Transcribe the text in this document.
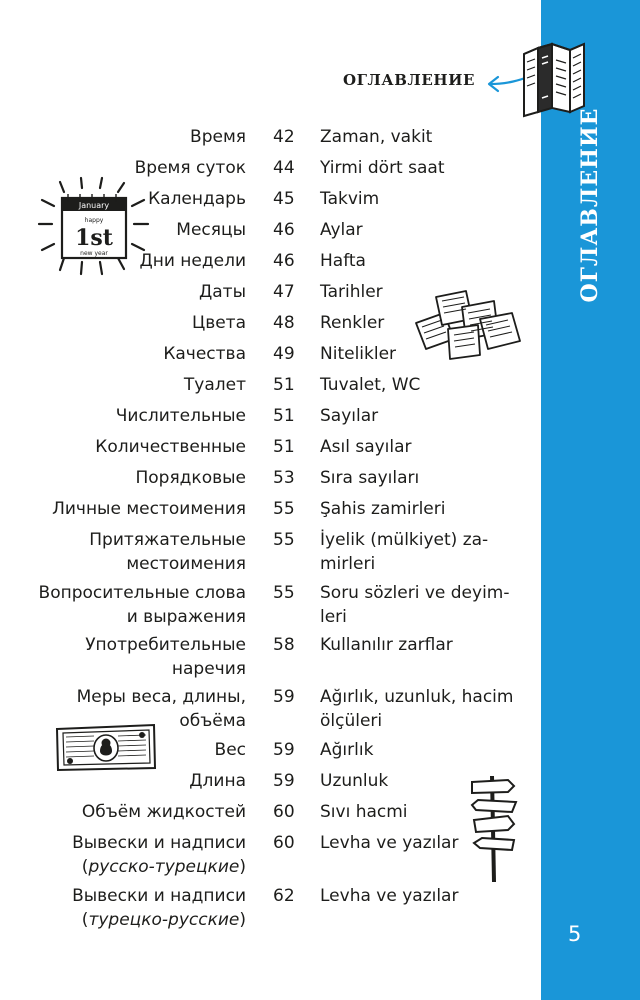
ОГЛАВЛЕНИЕ
5
ОГЛАВЛЕНИЕ
January
happy
1st
new year
Время 42 Zaman, vakit
Время суток 44 Yirmi dört saat
Календарь 45 Takvim
Месяцы 46 Aylar
Дни недели 46 Hafta
Даты 47 Tarihler
Цвета 48 Renkler
Качества 49 Nitelikler
Туалет 51 Tuvalet, WC
Числительные 51 Sayılar
Количественные 51 Asıl sayılar
Порядковые 53 Sıra sayıları
Личные местоимения 55 Şahis zamirleri
Притяжательные
местоимения
55 İyelik (mülkiyet) za-
mirleri
Вопросительные слова
и выражения
55 Soru sözleri ve deyim-
leri
Употребительные
наречия
58 Kullanılır zarflar
Меры веса, длины,
объёма
59 Ağırlık, uzunluk, hacim
ölçüleri
Вес 59 Ağırlık
Длина 59 Uzunluk
Объём жидкостей 60 Sıvı hacmi
Вывески и надписи
(русско-турецкие)
60 Levha ve yazılar
Вывески и надписи
(турецко-русские)
62 Levha ve yazılar
